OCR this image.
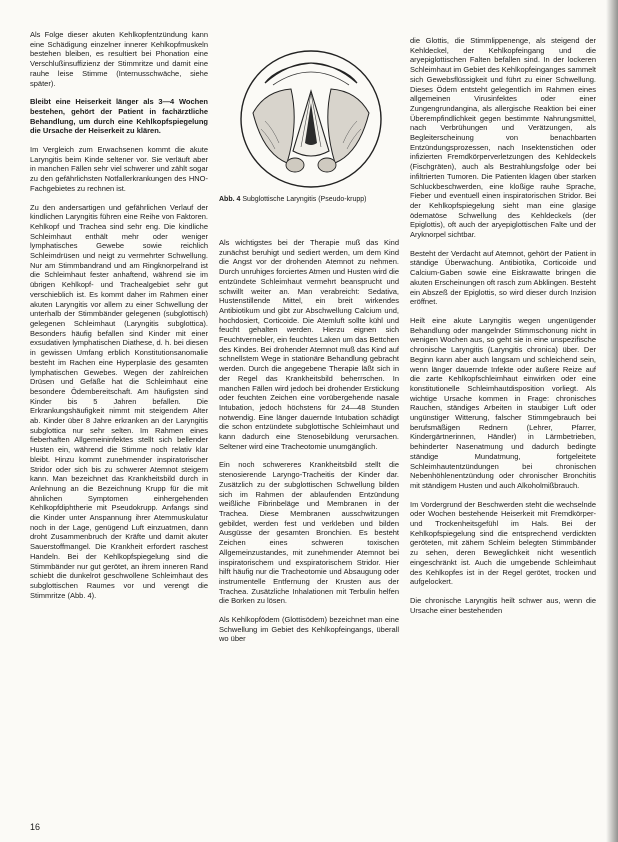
Als Folge dieser akuten Kehlkopfentzündung kann eine Schädigung einzelner innerer Kehlkopfmuskeln bestehen bleiben, es resultiert bei Phonation eine Verschlußinsuffizienz der Stimmritze und damit eine rauhe leise Stimme (Internusschwäche, siehe später).

Bleibt eine Heiserkeit länger als 3—4 Wochen bestehen, gehört der Patient in fachärztliche Behandlung, um durch eine Kehlkopfspiegelung die Ursache der Heiserkeit zu klären.

Im Vergleich zum Erwachsenen kommt die akute Laryngitis beim Kinde seltener vor. Sie verläuft aber in manchen Fällen sehr viel schwerer und zählt sogar zu den gefährlichsten Notfallerkrankungen des HNO-Fachgebietes zu rechnen ist.

Zu den andersartigen und gefährlichen Verlauf der kindlichen Laryngitis führen eine Reihe von Faktoren. Kehlkopf und Trachea sind sehr eng. Die kindliche Schleimhaut enthält mehr oder weniger lymphatisches Gewebe sowie reichlich Schleimdrüsen und neigt zu vermehrter Schwellung. Nur am Stimmbandrand und am Ringknorpelrand ist die Schleimhaut fester anhaftend, während sie im übrigen Kehlkopf- und Trachealgebiet sehr gut verschieblich ist. Es kommt daher im Rahmen einer akuten Laryngitis vor allem zu einer Schwellung der unterhalb der Stimmbänder gelegenen (subglottisch) gelegenen Schleimhaut (Laryngitis subglottica). Besonders häufig befallen sind Kinder mit einer exsudativen lymphatischen Diathese, d. h. bei diesen in gewissen Umfang erblich Konstitutionsanomalie besteht im Rachen eine Hyperplasie des gesamten lymphatischen Gewebes. Wegen der zahlreichen Drüsen und Gefäße hat die Schleimhaut eine besondere Ödembereitschaft. Am häufigsten sind Kinder bis 5 Jahren befallen. Die Erkrankungshäufigkeit nimmt mit steigendem Alter ab. Kinder über 8 Jahre erkranken an der Laryngitis subglottica nur sehr selten. Im Rahmen eines fieberhaften Allgemeininfektes stellt sich bellender Husten ein, während die Stimme noch relativ klar bleibt. Hinzu kommt zunehmender inspiratorischer Stridor oder sich bis zu schwerer Atemnot steigern kann. Man bezeichnet das Krankheitsbild durch in Anlehnung an die Bezeichnung Krupp für die mit ähnlichen Symptomen einhergehenden Kehlkopfdiphtherie mit Pseudokrupp. Anfangs sind die Kinder unter Anspannung ihrer Atemmuskulatur noch in der Lage, genügend Luft einzuatmen, dann droht Zusammenbruch der Kräfte und damit akuter Sauerstoffmangel. Die Krankheit erfordert raschest Handeln. Bei der Kehlkopfspiegelung sind die Stimmbänder nur gut gerötet, an ihrem inneren Rand schiebt die dunkelrot geschwollene Schleimhaut des subglottischen Raumes vor und verengt die Stimmritze (Abb. 4).

Abb. 4 Subglottische Laryngitis (Pseudo-krupp)

Als wichtigstes bei der Therapie muß das Kind zunächst beruhigt und sediert werden, um dem Kind die Angst vor der drohenden Atemnot zu nehmen. Durch unruhiges forciertes Atmen und Husten wird die entzündete Schleimhaut vermehrt beansprucht und schwillt weiter an. Man verabreicht: Sedativa, Hustenstillende Mittel, ein breit wirkendes Antibiotikum und gibt zur Abschwellung Calcium und, hochdosiert, Corticoide. Die Atemluft sollte kühl und feucht gehalten werden. Hierzu eignen sich Feuchtvernebler, ein feuchtes Laken um das Bettchen des Kindes. Bei drohender Atemnot muß das Kind auf schnellstem Wege in stationäre Behandlung gebracht werden. Durch die angegebene Therapie läßt sich in der Regel das Krankheitsbild beherrschen. In manchen Fällen wird jedoch bei drohender Erstickung oder feuchten Zeichen eine vorübergehende nasale Intubation, jedoch höchstens für 24—48 Stunden notwendig. Eine länger dauernde Intubation schädigt die schon entzündete subglottische Schleimhaut und kann dadurch eine Stenosebildung verursachen. Seltener wird eine Tracheotomie unumgänglich.

Ein noch schwereres Krankheitsbild stellt die stenosierende Laryngo-Tracheitis der Kinder dar. Zusätzlich zu der subglottischen Schwellung bilden sich im Rahmen der ablaufenden Entzündung weißliche Fibrinbeläge und Membranen in der Trachea. Diese Membranen ausschwitzungen gebildet, werden fest und verkleben und bilden Ausgüsse der gesamten Bronchien. Es besteht Zeichen eines schweren toxischen Allgemeinzustandes, mit zunehmender Atemnot bei inspiratorischem und exspiratorischem Stridor. Hier hilft häufig nur die Tracheotomie und Absaugung oder instrumentelle Entfernung der Krusten aus der Trachea. Zusätzliche Inhalationen mit Terbulin helfen die Borken zu lösen.

Als Kehlkopfödem (Glottisödem) bezeichnet man eine Schwellung im Gebiet des Kehlkopfeingangs, überall wo über

die Glottis, die Stimmlippenenge, als steigend der Kehldeckel, der Kehlkopfeingang und die aryepiglottischen Falten befallen sind. In der lockeren Schleimhaut im Gebiet des Kehlkopfeinganges sammelt sich Gewebsflüssigkeit und führt zu einer Schwellung. Dieses Ödem entsteht gelegentlich im Rahmen eines allgemeinen Virusinfektes oder einer Zungengrundangina, als allergische Reaktion bei einer Überempfindlichkeit gegen bestimmte Nahrungsmittel, nach Verbrühungen und Verätzungen, als Begleiterscheinung von benachbarten Entzündungsprozessen, nach Insektenstichen oder infizierten Fremdkörperverletzungen des Kehldeckels (Fischgräten), auch als Bestrahlungsfolge oder bei infiltrierten Tumoren. Die Patienten klagen über starken Schluckbeschwerden, eine kloßige rauhe Sprache, Fieber und eventuell einen inspiratorischen Stridor. Bei der Kehlkopfspiegelung sieht man eine glasige ödematöse Schwellung des Kehldeckels (der Epiglottis), oft auch der aryepiglottischen Falte und der Aryknorpel sichtbar.

Besteht der Verdacht auf Atemnot, gehört der Patient in ständige Überwachung. Antibiotika, Corticoide und Calcium-Gaben sowie eine Eiskrawatte bringen die akuten Erscheinungen oft rasch zum Abklingen. Besteht ein Abszeß der Epiglottis, so wird dieser durch Inzision eröffnet.

Heilt eine akute Laryngitis wegen ungenügender Behandlung oder mangelnder Stimmschonung nicht in wenigen Wochen aus, so geht sie in eine unspezifische chronische Laryngitis (Laryngitis chronica) über. Der Beginn kann aber auch langsam und schleichend sein, wenn länger dauernde Infekte oder äußere Reize auf die zarte Kehlkopfschleimhaut einwirken oder eine konstitutionelle Schleimhautdisposition vorliegt. Als wichtige Ursache kommen in Frage: chronisches Rauchen, ständiges Arbeiten in staubiger Luft oder ungünstiger Witterung, falscher Stimmgebrauch bei berufsmäßigen Rednern (Lehrer, Pfarrer, Kindergärtnerinnen, Händler) in Lärmbetrieben, behinderter Nasenatmung und dadurch bedingte ständige Mundatmung, fortgeleitete Schleimhautentzündungen bei chronischen Nebenhöhlenentzündung oder chronischer Bronchitis mit ständigem Husten und auch Alkoholmißbrauch.

Im Vordergrund der Beschwerden steht die wechselnde oder Wochen bestehende Heiserkeit mit Fremdkörper- und Trockenheitsgefühl im Hals. Bei der Kehlkopfspiegelung sind die entsprechend verdickten geröteten, mit zähem Schleim belegten Stimmbänder zu sehen, deren Beweglichkeit nicht wesentlich eingeschränkt ist. Auch die umgebende Schleimhaut des Kehlkopfes ist in der Regel gerötet, trocken und aufgelockert.

Die chronische Laryngitis heilt schwer aus, wenn die Ursache einer bestehenden

16
